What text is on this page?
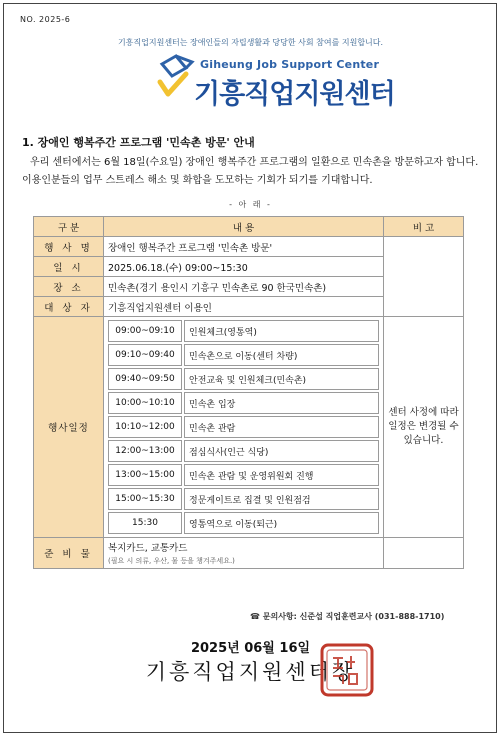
NO. 2025-6
기흥직업지원센터는 장애인들의 자립생활과 당당한 사회 참여를 지원합니다.
Giheung Job Support Center
기흥직업지원센터
1. 장애인 행복주간 프로그램 '민속촌 방문' 안내
우리 센터에서는 6월 18일(수요일) 장애인 행복주간 프로그램의 일환으로 민속촌을 방문하고자 합니다. 이용인분들의 업무 스트레스 해소 및 화합을 도모하는 기회가 되기를 기대합니다.
- 아 래 -
구 분	내 용	비 고
행 사 명	장애인 행복주간 프로그램 '민속촌 방문'	
일 시	2025.06.18.(수) 09:00~15:30
장 소	민속촌(경기 용인시 기흥구 민속촌로 90 한국민속촌)
대 상 자	기흥직업지원센터 이용인
행사일정	
09:00~09:10	인원체크(영통역)
09:10~09:40	민속촌으로 이동(센터 차량)
09:40~09:50	안전교육 및 인원체크(민속촌)
10:00~10:10	민속촌 입장
10:10~12:00	민속촌 관람
12:00~13:00	점심식사(인근 식당)
13:00~15:00	민속촌 관람 및 운영위원회 진행
15:00~15:30	정문게이트로 집결 및 인원점검
15:30	영통역으로 이동(퇴근)
	센터 사정에 따라 일정은 변경될 수 있습니다.
준 비 물	복지카드, 교통카드
(필요 시 의류, 우산, 물 등을 챙겨주세요.)

☎ 문의사항: 신준섭 직업훈련교사 (031-888-1710)
2025년 06월 16일
기흥직업지원센터장
